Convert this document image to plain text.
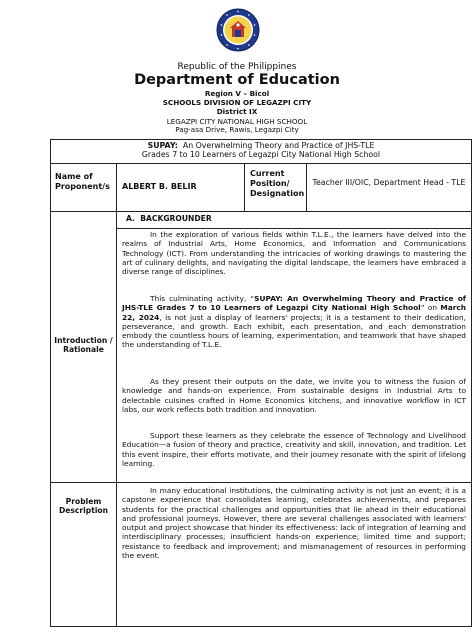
Republic of the Philippines
Department of Education
Region V – Bicol
SCHOOLS DIVISION OF LEGAZPI CITY
District IX
LEGAZPI CITY NATIONAL HIGH SCHOOL
Pag-asa Drive, Rawis, Legazpi City
SUPAY:  An Overwhelming Theory and Practice of JHS-TLE
Grades 7 to 10 Learners of Legazpi City National High School
Name of Proponent/s	ALBERT B. BELIR
Current Position/ Designation
Teacher III/OIC, Department Head - TLE
A. BACKGROUNDER
Introduction / Rationale

In the exploration of various fields within T.L.E., the learners have delved into the realms of Industrial Arts, Home Economics, and Information and Communications Technology (ICT). From understanding the intricacies of working drawings to mastering the art of culinary delights, and navigating the digital landscape, the learners have embraced a diverse range of disciplines.

This culminating activity, “SUPAY: An Overwhelming Theory and Practice of JHS-TLE Grades 7 to 10 Learners of Legazpi City National High School” on March 22, 2024, is not just a display of learners' projects; it is a testament to their dedication, perseverance, and growth. Each exhibit, each presentation, and each demonstration embody the countless hours of learning, experimentation, and teamwork that have shaped the understanding of T.L.E.

As they present their outputs on the date, we invite you to witness the fusion of knowledge and hands-on experience. From sustainable designs in Industrial Arts to delectable cuisines crafted in Home Economics kitchens, and innovative workflow in ICT labs, our work reflects both tradition and innovation.

Support these learners as they celebrate the essence of Technology and Livelihood Education—a fusion of theory and practice, creativity and skill, innovation, and tradition. Let this event inspire, their efforts motivate, and their journey resonate with the spirit of lifelong learning.

Problem Description

In many educational institutions, the culminating activity is not just an event; it is a capstone experience that consolidates learning, celebrates achievements, and prepares students for the practical challenges and opportunities that lie ahead in their educational and professional journeys. However, there are several challenges associated with learners' output and project showcase that hinder its effectiveness: lack of integration of learning and interdisciplinary processes; insufficient hands-on experience; limited time and support; resistance to feedback and improvement; and mismanagement of resources in performing the event.
